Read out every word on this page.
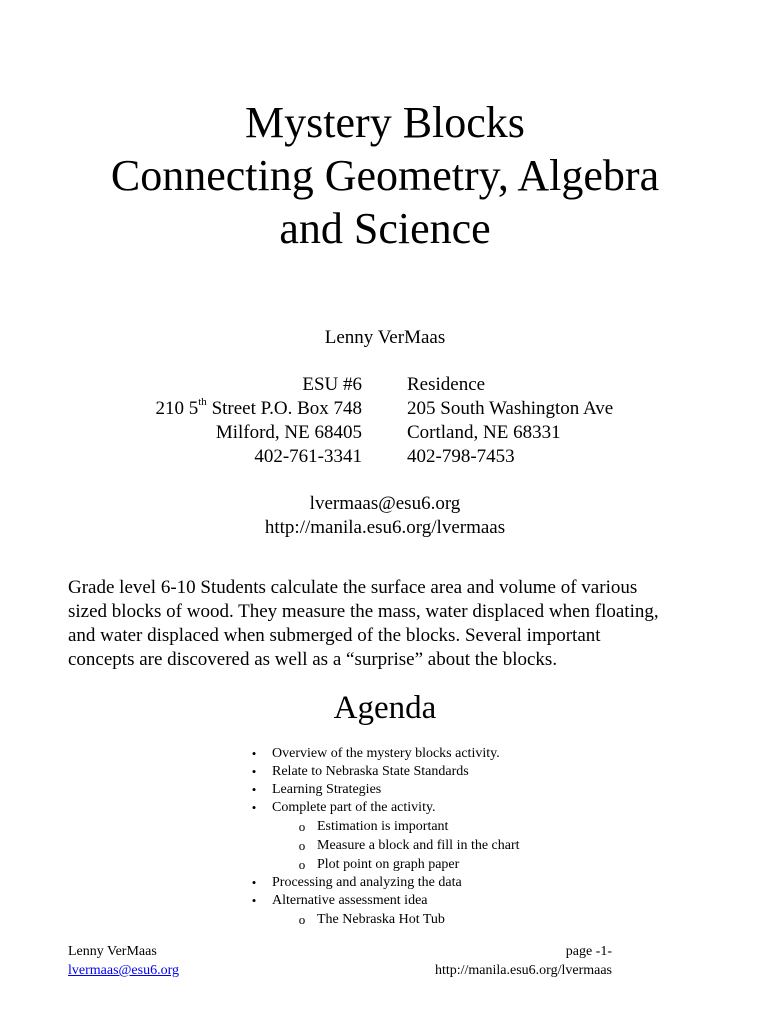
Mystery Blocks
Connecting Geometry, Algebra
and Science
Lenny VerMaas
ESU #6
210 5th Street P.O. Box 748
Milford, NE 68405
402-761-3341
Residence
205 South Washington Ave
Cortland, NE 68331
402-798-7453
lvermaas@esu6.org
http://manila.esu6.org/lvermaas
Grade level 6-10 Students calculate the surface area and volume of various
sized blocks of wood. They measure the mass, water displaced when floating,
and water displaced when submerged of the blocks. Several important
concepts are discovered as well as a “surprise” about the blocks.
Agenda
• Overview of the mystery blocks activity.
• Relate to Nebraska State Standards
• Learning Strategies
• Complete part of the activity.
o Estimation is important
o Measure a block and fill in the chart
o Plot point on graph paper
• Processing and analyzing the data
• Alternative assessment idea
o The Nebraska Hot Tub
Lenny VerMaas
lvermaas@esu6.org
page -1-
http://manila.esu6.org/lvermaas
